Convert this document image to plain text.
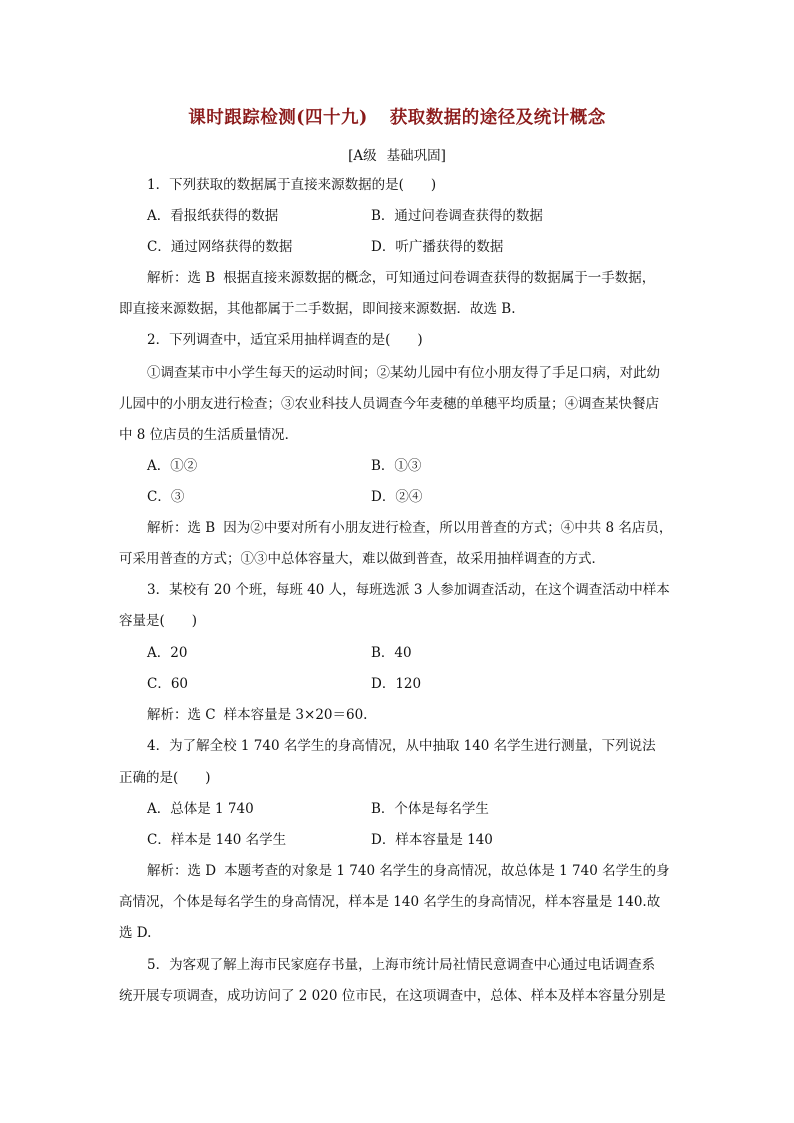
课时跟踪检测(四十九) 获取数据的途径及统计概念
[A级 基础巩固]
1．下列获取的数据属于直接来源数据的是(　　)
A．看报纸获得的数据	B．通过问卷调查获得的数据
C．通过网络获得的数据	D．听广播获得的数据
解析：选 B 根据直接来源数据的概念，可知通过问卷调查获得的数据属于一手数据，
即直接来源数据，其他都属于二手数据，即间接来源数据．故选 B.
2．下列调查中，适宜采用抽样调查的是(　　)
①调查某市中小学生每天的运动时间；②某幼儿园中有位小朋友得了手足口病，对此幼
儿园中的小朋友进行检查；③农业科技人员调查今年麦穗的单穗平均质量；④调查某快餐店
中 8 位店员的生活质量情况．
A．①②	B．①③
C．③	D．②④
解析：选 B 因为②中要对所有小朋友进行检查，所以用普查的方式；④中共 8 名店员，
可采用普查的方式；①③中总体容量大，难以做到普查，故采用抽样调查的方式．
3．某校有 20 个班，每班 40 人，每班选派 3 人参加调查活动，在这个调查活动中样本
容量是(　　)
A．20	B．40
C．60	D．120
解析：选 C 样本容量是 3×20＝60.
4．为了解全校 1 740 名学生的身高情况，从中抽取 140 名学生进行测量，下列说法
正确的是(　　)
A．总体是 1 740	B．个体是每名学生
C．样本是 140 名学生	D．样本容量是 140
解析：选 D 本题考查的对象是 1 740 名学生的身高情况，故总体是 1 740 名学生的身
高情况，个体是每名学生的身高情况，样本是 140 名学生的身高情况，样本容量是 140.故
选 D.
5．为客观了解上海市民家庭存书量，上海市统计局社情民意调查中心通过电话调查系
统开展专项调查，成功访问了 2 020 位市民，在这项调查中，总体、样本及样本容量分别是
